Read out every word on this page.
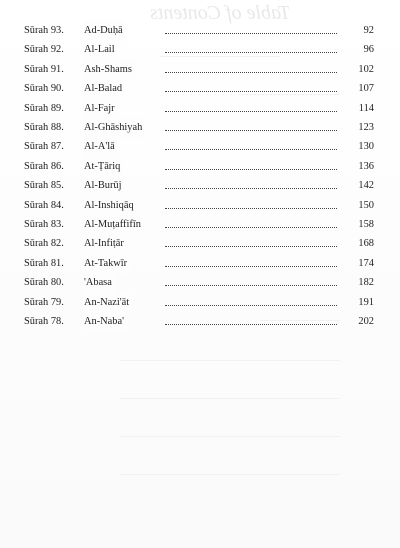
Table of Contents
Sūrah 93.	Ad-Duḥā	92
Sūrah 92.	Al-Lail	96
Sūrah 91.	Ash-Shams	102
Sūrah 90.	Al-Balad	107
Sūrah 89.	Al-Fajr	114
Sūrah 88.	Al-Ghāshiyah	123
Sūrah 87.	Al-A'lā	130
Sūrah 86.	At-Ṭāriq	136
Sūrah 85.	Al-Burūj	142
Sūrah 84.	Al-Inshiqāq	150
Sūrah 83.	Al-Muṭaffifīn	158
Sūrah 82.	Al-Infiṭār	168
Sūrah 81.	At-Takwīr	174
Sūrah 80.	'Abasa	182
Sūrah 79.	An-Nazi'āt	191
Sūrah 78.	An-Naba'	202
